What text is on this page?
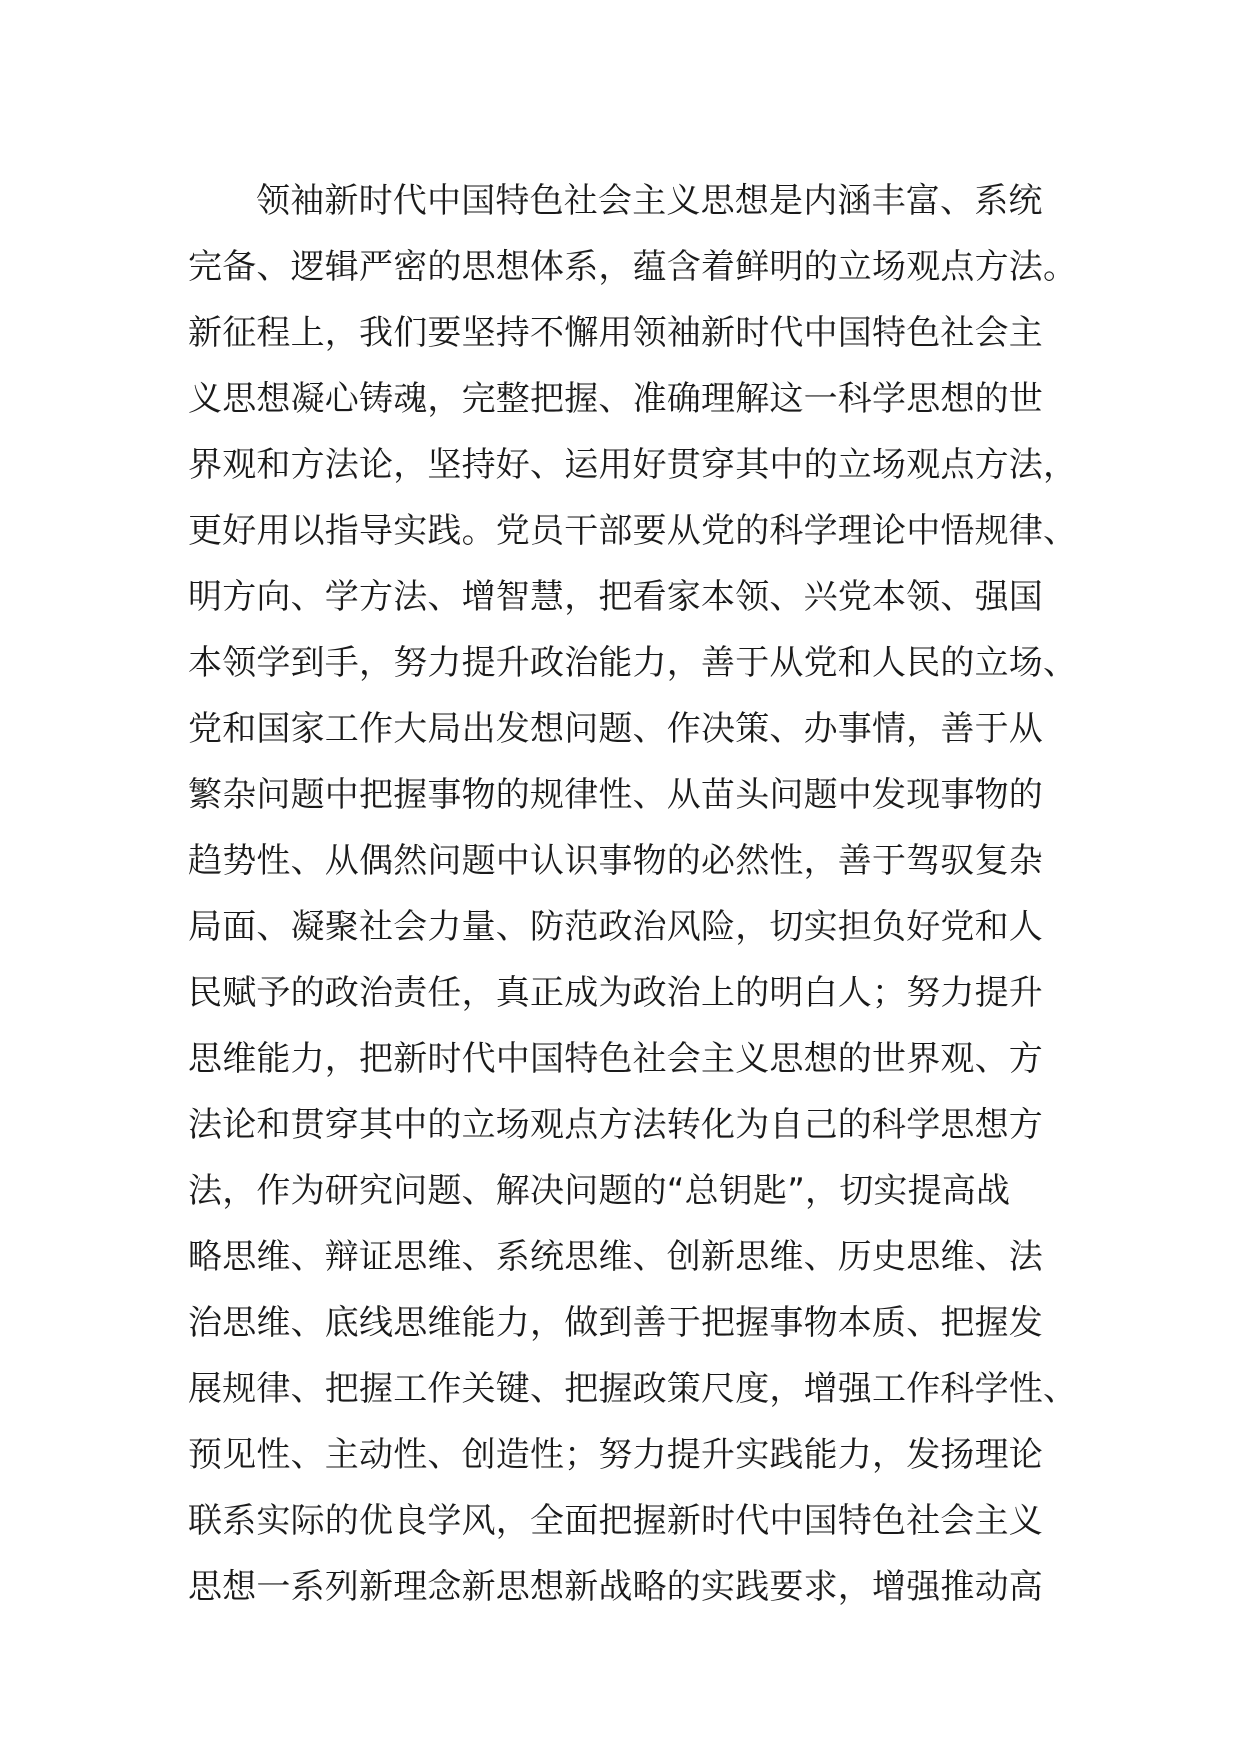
领袖新时代中国特色社会主义思想是内涵丰富、系统
完备、逻辑严密的思想体系，蕴含着鲜明的立场观点方法。
新征程上，我们要坚持不懈用领袖新时代中国特色社会主
义思想凝心铸魂，完整把握、准确理解这一科学思想的世
界观和方法论，坚持好、运用好贯穿其中的立场观点方法，
更好用以指导实践。党员干部要从党的科学理论中悟规律、
明方向、学方法、增智慧，把看家本领、兴党本领、强国
本领学到手，努力提升政治能力，善于从党和人民的立场、
党和国家工作大局出发想问题、作决策、办事情，善于从
繁杂问题中把握事物的规律性、从苗头问题中发现事物的
趋势性、从偶然问题中认识事物的必然性，善于驾驭复杂
局面、凝聚社会力量、防范政治风险，切实担负好党和人
民赋予的政治责任，真正成为政治上的明白人；努力提升
思维能力，把新时代中国特色社会主义思想的世界观、方
法论和贯穿其中的立场观点方法转化为自己的科学思想方
法，作为研究问题、解决问题的“总钥匙”，切实提高战
略思维、辩证思维、系统思维、创新思维、历史思维、法
治思维、底线思维能力，做到善于把握事物本质、把握发
展规律、把握工作关键、把握政策尺度，增强工作科学性、
预见性、主动性、创造性；努力提升实践能力，发扬理论
联系实际的优良学风，全面把握新时代中国特色社会主义
思想一系列新理念新思想新战略的实践要求，增强推动高
